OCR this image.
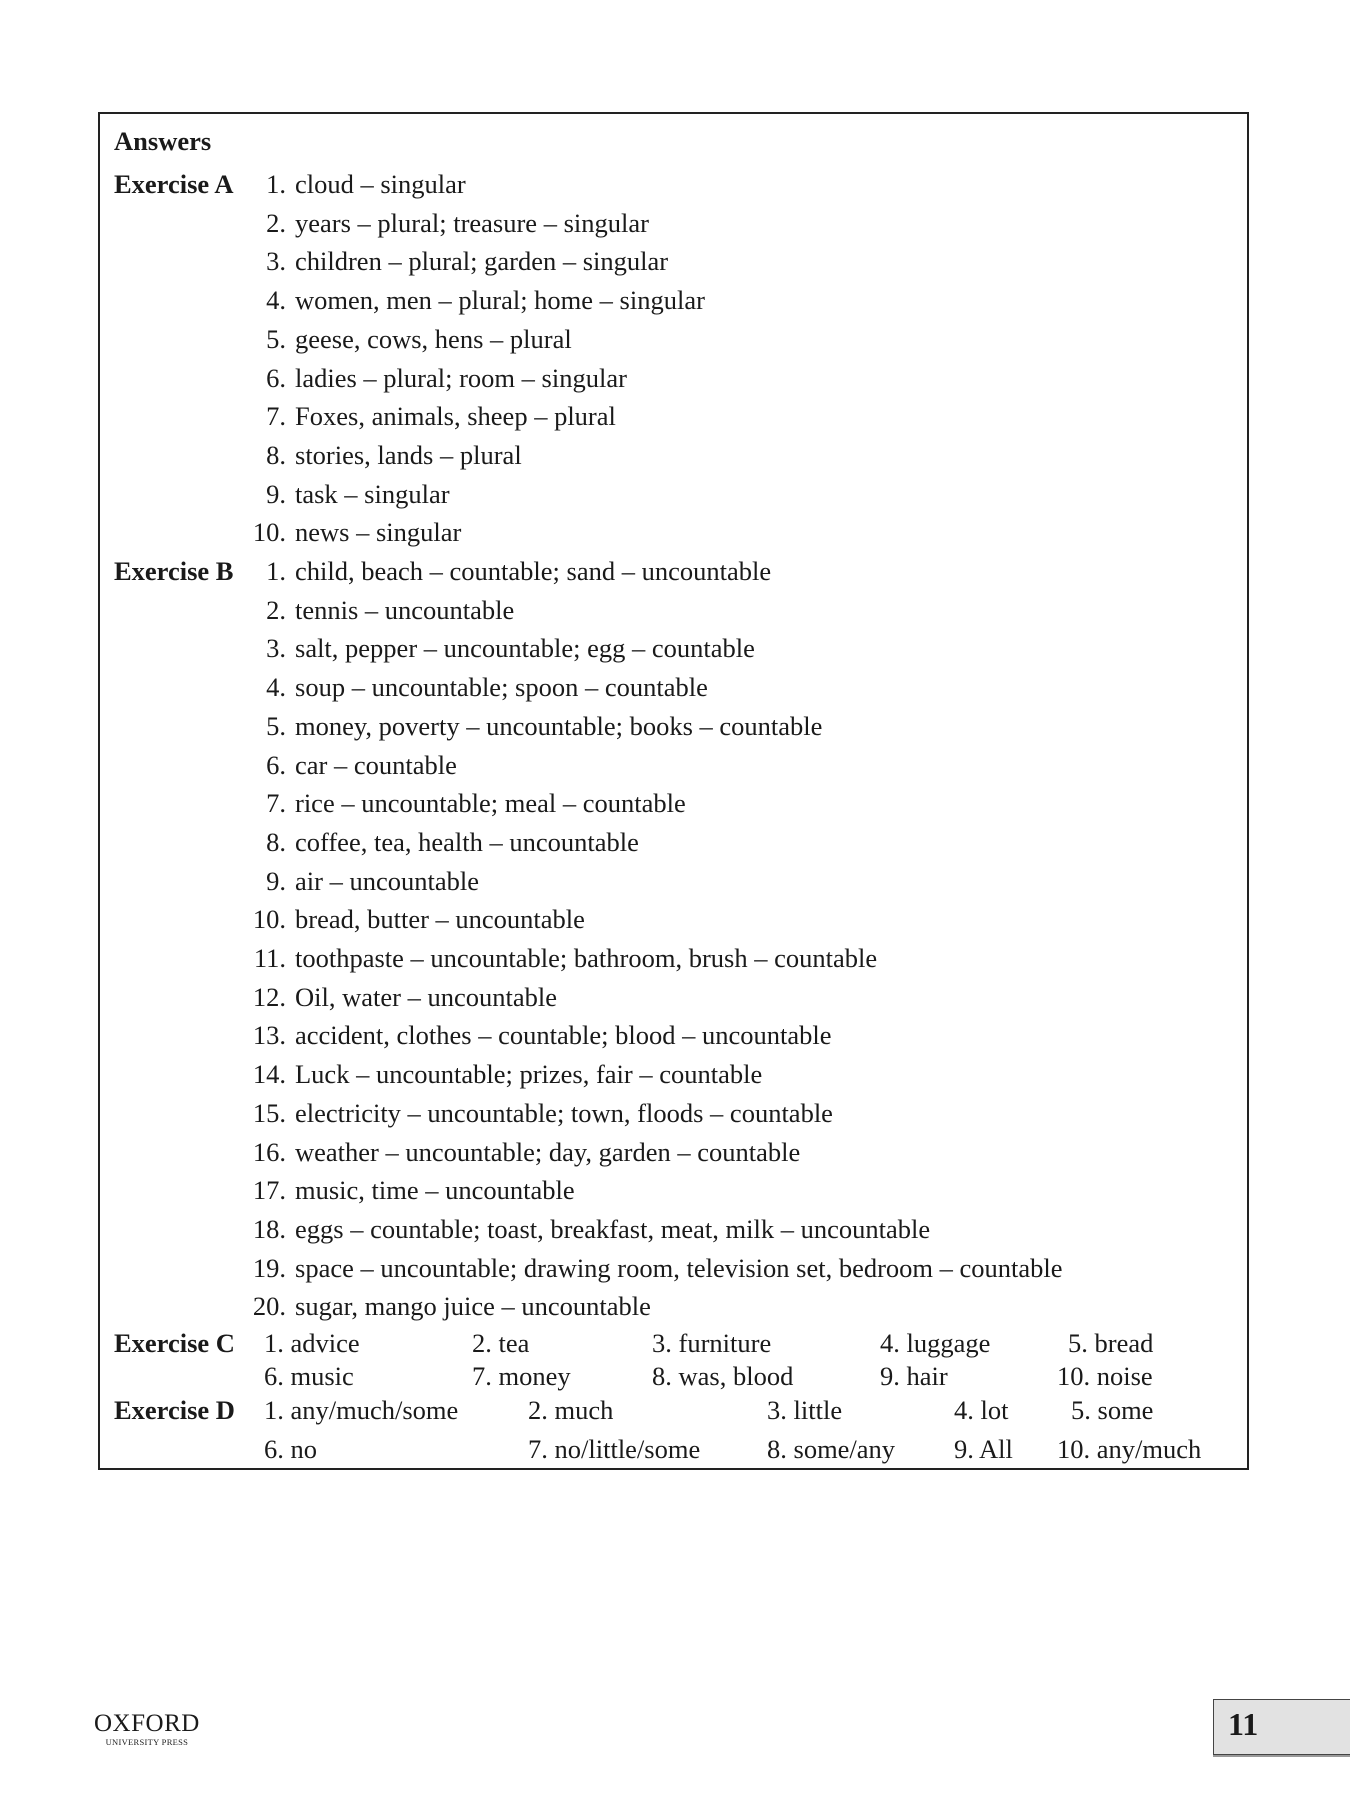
Answers
Exercise A	1. cloud – singular
2. years – plural; treasure – singular
3. children – plural; garden – singular
4. women, men – plural; home – singular
5. geese, cows, hens – plural
6. ladies – plural; room – singular
7. Foxes, animals, sheep – plural
8. stories, lands – plural
9. task – singular
10. news – singular
Exercise B	1. child, beach – countable; sand – uncountable
2. tennis – uncountable
3. salt, pepper – uncountable; egg – countable
4. soup – uncountable; spoon – countable
5. money, poverty – uncountable; books – countable
6. car – countable
7. rice – uncountable; meal – countable
8. coffee, tea, health – uncountable
9. air – uncountable
10. bread, butter – uncountable
11. toothpaste – uncountable; bathroom, brush – countable
12. Oil, water – uncountable
13. accident, clothes – countable; blood – uncountable
14. Luck – uncountable; prizes, fair – countable
15. electricity – uncountable; town, floods – countable
16. weather – uncountable; day, garden – countable
17. music, time – uncountable
18. eggs – countable; toast, breakfast, meat, milk – uncountable
19. space – uncountable; drawing room, television set, bedroom – countable
20. sugar, mango juice – uncountable
Exercise C 1. advice	2. tea	3. furniture	4. luggage	5. bread
6. music	7. money	8. was, blood	9. hair	10. noise
Exercise D 1. any/much/some	2. much	3. little	4. lot 5. some
6. no	7. no/little/some	8. some/any 9. All 10. any/much
OXFORD
UNIVERSITY PRESS	11
